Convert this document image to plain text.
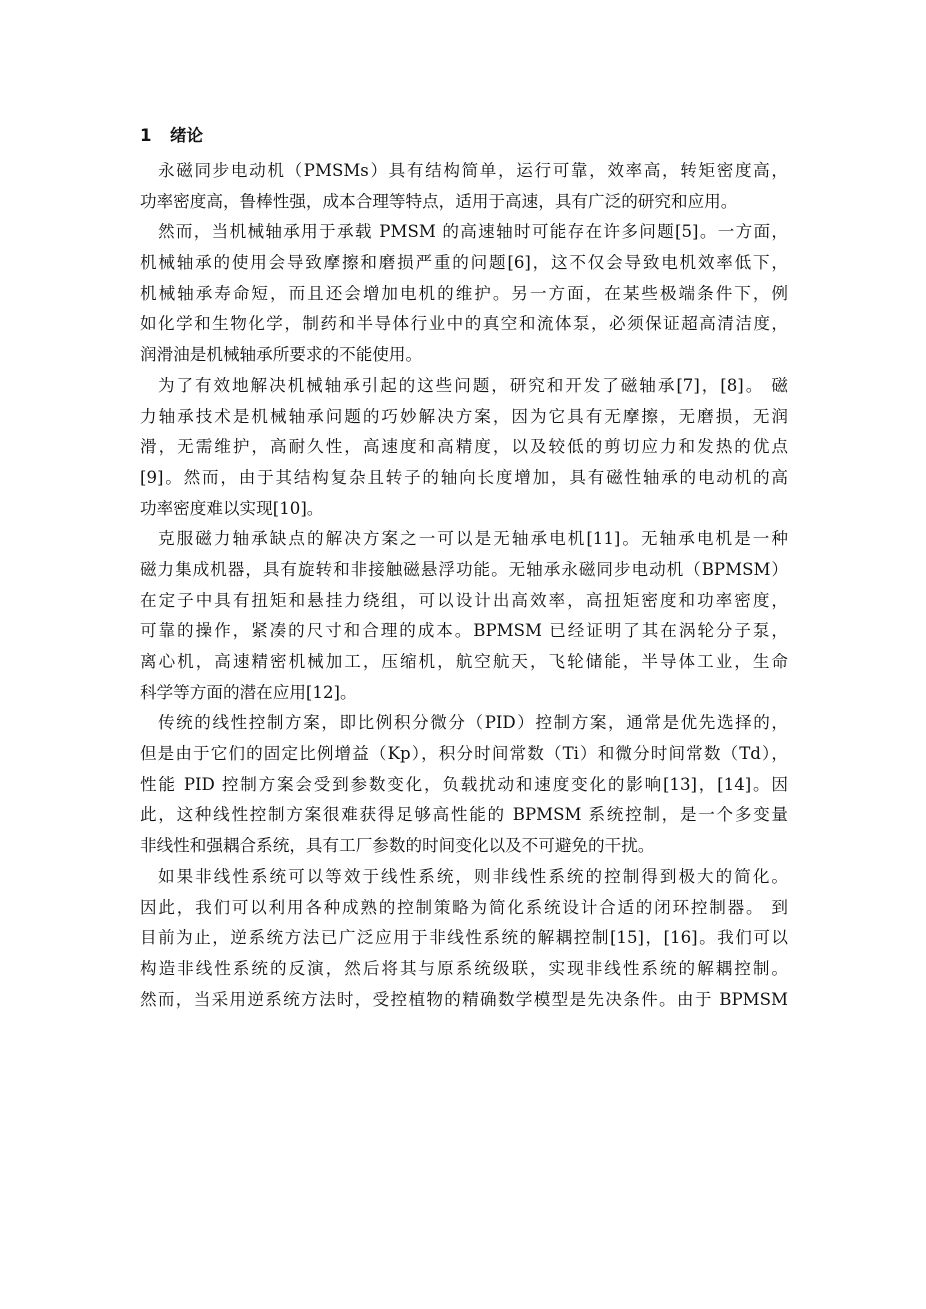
1 绪论
永磁同步电动机（PMSMs）具有结构简单，运行可靠，效率高，转矩密度高，
功率密度高，鲁棒性强，成本合理等特点，适用于高速，具有广泛的研究和应用。
然而，当机械轴承用于承载 PMSM 的高速轴时可能存在许多问题[5]。一方面，
机械轴承的使用会导致摩擦和磨损严重的问题[6]，这不仅会导致电机效率低下，
机械轴承寿命短，而且还会增加电机的维护。另一方面，在某些极端条件下，例
如化学和生物化学，制药和半导体行业中的真空和流体泵，必须保证超高清洁度，
润滑油是机械轴承所要求的不能使用。
为了有效地解决机械轴承引起的这些问题，研究和开发了磁轴承[7]，[8]。 磁
力轴承技术是机械轴承问题的巧妙解决方案，因为它具有无摩擦，无磨损，无润
滑，无需维护，高耐久性，高速度和高精度，以及较低的剪切应力和发热的优点
[9]。然而，由于其结构复杂且转子的轴向长度增加，具有磁性轴承的电动机的高
功率密度难以实现[10]。
克服磁力轴承缺点的解决方案之一可以是无轴承电机[11]。无轴承电机是一种
磁力集成机器，具有旋转和非接触磁悬浮功能。无轴承永磁同步电动机（BPMSM）
在定子中具有扭矩和悬挂力绕组，可以设计出高效率，高扭矩密度和功率密度，
可靠的操作，紧凑的尺寸和合理的成本。BPMSM 已经证明了其在涡轮分子泵，
离心机，高速精密机械加工，压缩机，航空航天，飞轮储能，半导体工业，生命
科学等方面的潜在应用[12]。
传统的线性控制方案，即比例积分微分（PID）控制方案，通常是优先选择的，
但是由于它们的固定比例增益（Kp），积分时间常数（Ti）和微分时间常数（Td），
性能 PID 控制方案会受到参数变化，负载扰动和速度变化的影响[13]，[14]。因
此，这种线性控制方案很难获得足够高性能的 BPMSM 系统控制，是一个多变量
非线性和强耦合系统，具有工厂参数的时间变化以及不可避免的干扰。
如果非线性系统可以等效于线性系统，则非线性系统的控制得到极大的简化。
因此，我们可以利用各种成熟的控制策略为简化系统设计合适的闭环控制器。 到
目前为止，逆系统方法已广泛应用于非线性系统的解耦控制[15]，[16]。我们可以
构造非线性系统的反演，然后将其与原系统级联，实现非线性系统的解耦控制。
然而，当采用逆系统方法时，受控植物的精确数学模型是先决条件。由于 BPMSM
